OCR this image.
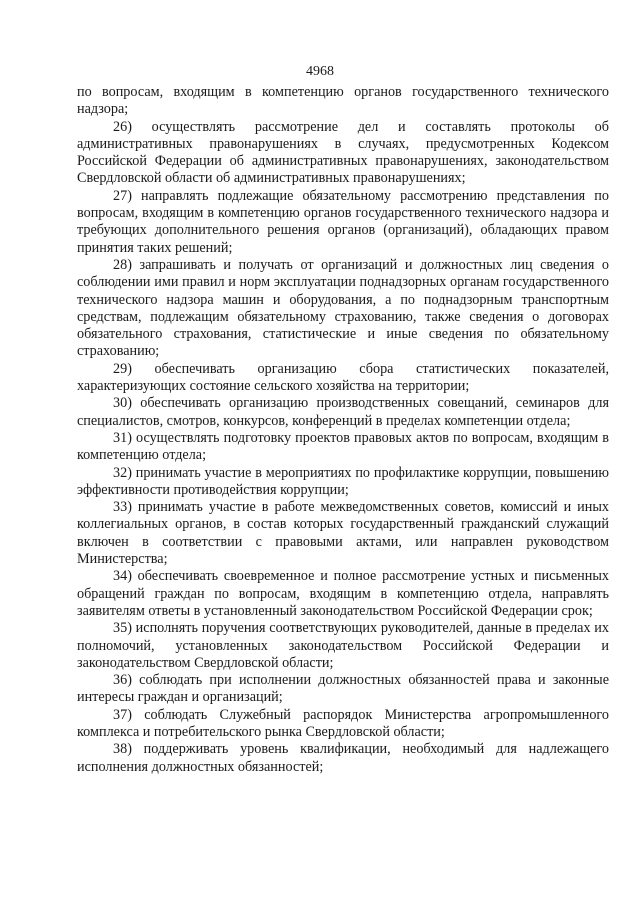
4968

по вопросам, входящим в компетенцию органов государственного технического надзора;

26) осуществлять рассмотрение дел и составлять протоколы об административных правонарушениях в случаях, предусмотренных Кодексом Российской Федерации об административных правонарушениях, законодательством Свердловской области об административных правонарушениях;

27) направлять подлежащие обязательному рассмотрению представления по вопросам, входящим в компетенцию органов государственного технического надзора и требующих дополнительного решения органов (организаций), обладающих правом принятия таких решений;

28) запрашивать и получать от организаций и должностных лиц сведения о соблюдении ими правил и норм эксплуатации поднадзорных органам государственного технического надзора машин и оборудования, а по поднадзорным транспортным средствам, подлежащим обязательному страхованию, также сведения о договорах обязательного страхования, статистические и иные сведения по обязательному страхованию;

29) обеспечивать организацию сбора статистических показателей, характеризующих состояние сельского хозяйства на территории;

30) обеспечивать организацию производственных совещаний, семинаров для специалистов, смотров, конкурсов, конференций в пределах компетенции отдела;

31) осуществлять подготовку проектов правовых актов по вопросам, входящим в компетенцию отдела;

32) принимать участие в мероприятиях по профилактике коррупции, повышению эффективности противодействия коррупции;

33) принимать участие в работе межведомственных советов, комиссий и иных коллегиальных органов, в состав которых государственный гражданский служащий включен в соответствии с правовыми актами, или направлен руководством Министерства;

34) обеспечивать своевременное и полное рассмотрение устных и письменных обращений граждан по вопросам, входящим в компетенцию отдела, направлять заявителям ответы в установленный законодательством Российской Федерации срок;

35) исполнять поручения соответствующих руководителей, данные в пределах их полномочий, установленных законодательством Российской Федерации и законодательством Свердловской области;

36) соблюдать при исполнении должностных обязанностей права и законные интересы граждан и организаций;

37) соблюдать Служебный распорядок Министерства агропромышленного комплекса и потребительского рынка Свердловской области;

38) поддерживать уровень квалификации, необходимый для надлежащего исполнения должностных обязанностей;
